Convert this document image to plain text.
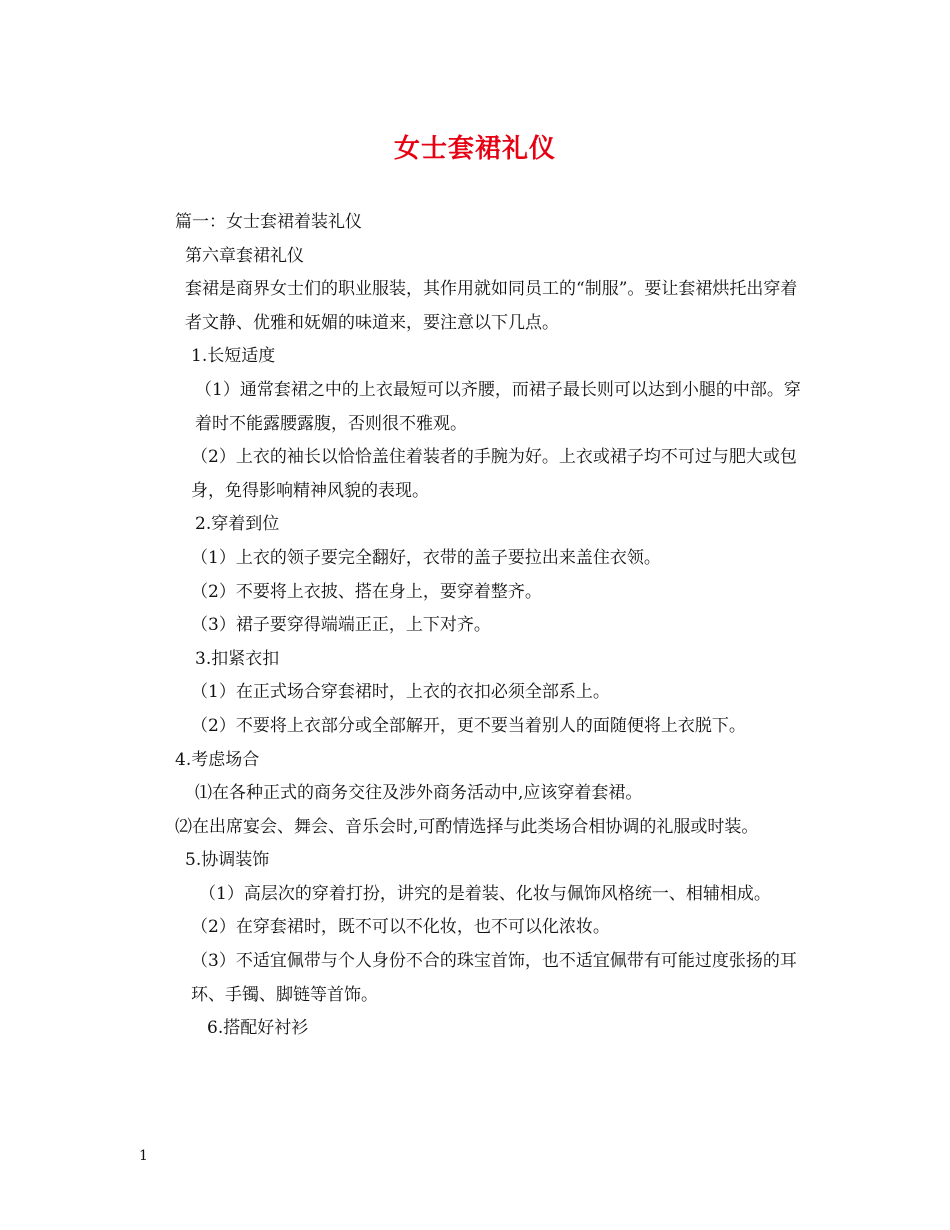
女士套裙礼仪

篇一：女士套裙着装礼仪

第六章套裙礼仪

套裙是商界女士们的职业服装，其作用就如同员工的“制服”。要让套裙烘托出穿着者文静、优雅和妩媚的味道来，要注意以下几点。

1.长短适度

（1）通常套裙之中的上衣最短可以齐腰，而裙子最长则可以达到小腿的中部。穿着时不能露腰露腹，否则很不雅观。

（2）上衣的袖长以恰恰盖住着装者的手腕为好。上衣或裙子均不可过与肥大或包身，免得影响精神风貌的表现。

2.穿着到位

（1）上衣的领子要完全翻好，衣带的盖子要拉出来盖住衣领。

（2）不要将上衣披、搭在身上，要穿着整齐。

（3）裙子要穿得端端正正，上下对齐。

3.扣紧衣扣

（1）在正式场合穿套裙时，上衣的衣扣必须全部系上。

（2）不要将上衣部分或全部解开，更不要当着别人的面随便将上衣脱下。

4.考虑场合

⑴在各种正式的商务交往及涉外商务活动中,应该穿着套裙。

⑵在出席宴会、舞会、音乐会时,可酌情选择与此类场合相协调的礼服或时装。

5.协调装饰

（1）高层次的穿着打扮，讲究的是着装、化妆与佩饰风格统一、相辅相成。

（2）在穿套裙时，既不可以不化妆，也不可以化浓妆。

（3）不适宜佩带与个人身份不合的珠宝首饰，也不适宜佩带有可能过度张扬的耳环、手镯、脚链等首饰。

6.搭配好衬衫

1
